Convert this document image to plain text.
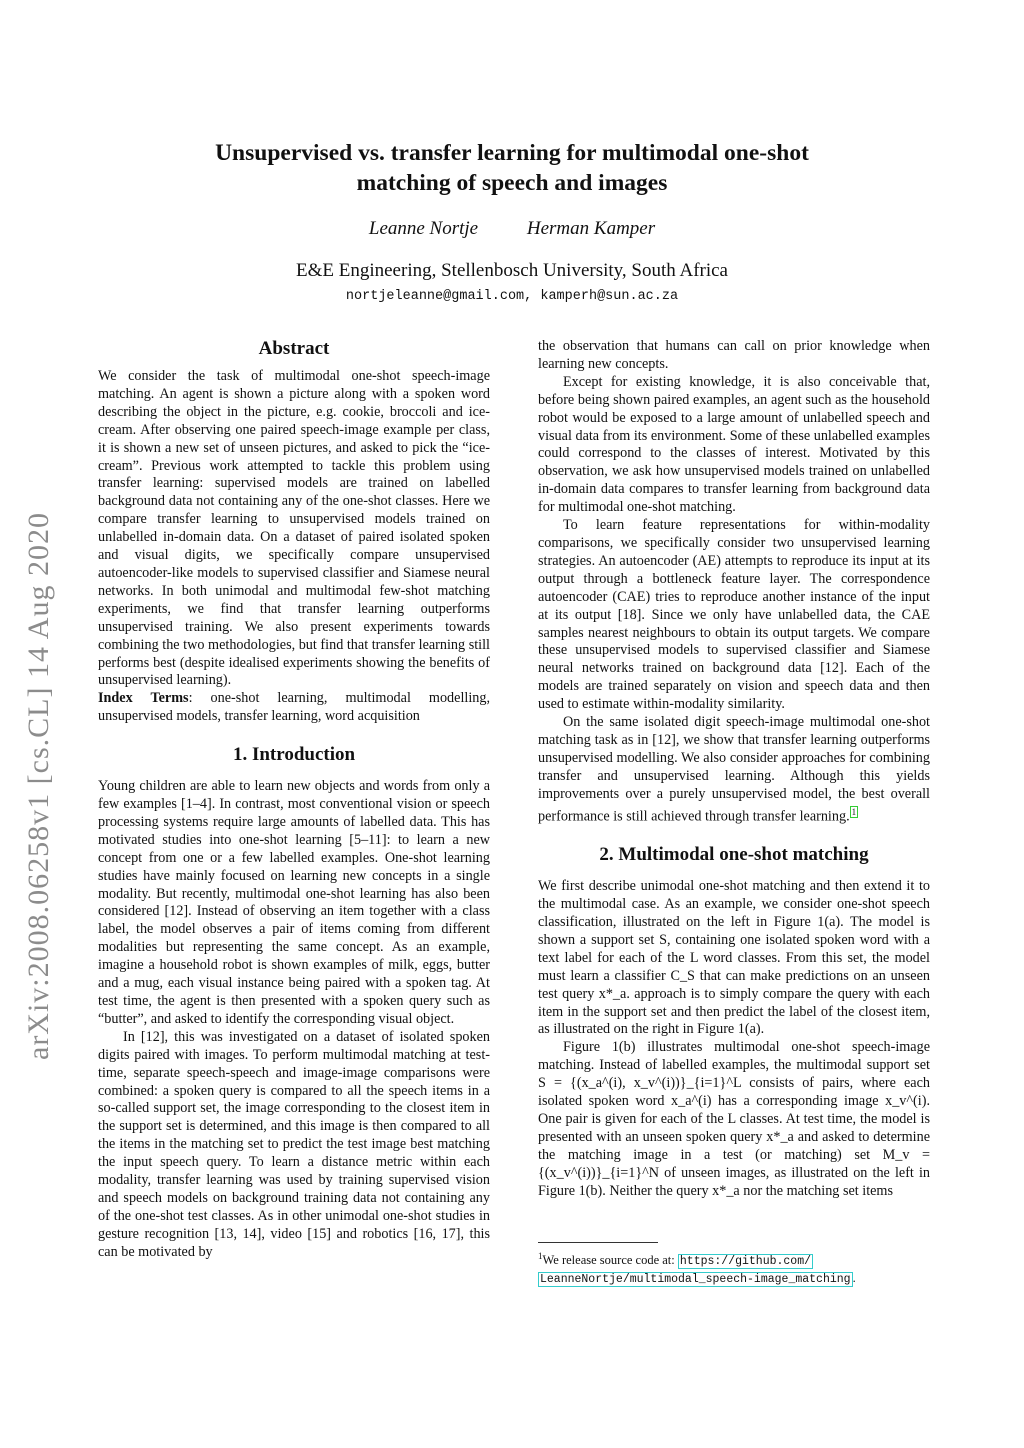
arXiv:2008.06258v1 [cs.CL] 14 Aug 2020
Unsupervised vs. transfer learning for multimodal one-shot
matching of speech and images
Leanne Nortje	Herman Kamper
E&E Engineering, Stellenbosch University, South Africa
nortjeleanne@gmail.com, kamperh@sun.ac.za
Abstract

We consider the task of multimodal one-shot speech-image matching. An agent is shown a picture along with a spoken word describing the object in the picture, e.g. cookie, broccoli and ice-cream. After observing one paired speech-image example per class, it is shown a new set of unseen pictures, and asked to pick the “ice-cream”. Previous work attempted to tackle this problem using transfer learning: supervised models are trained on labelled background data not containing any of the one-shot classes. Here we compare transfer learning to unsupervised models trained on unlabelled in-domain data. On a dataset of paired isolated spoken and visual digits, we specifically compare unsupervised autoencoder-like models to supervised classifier and Siamese neural networks. In both unimodal and multimodal few-shot matching experiments, we find that transfer learning outperforms unsupervised training. We also present experiments towards combining the two methodologies, but find that transfer learning still performs best (despite idealised experiments showing the benefits of unsupervised learning).

Index Terms: one-shot learning, multimodal modelling, unsupervised models, transfer learning, word acquisition

1. Introduction

Young children are able to learn new objects and words from only a few examples [1–4]. In contrast, most conventional vision or speech processing systems require large amounts of labelled data. This has motivated studies into one-shot learning [5–11]: to learn a new concept from one or a few labelled examples. One-shot learning studies have mainly focused on learning new concepts in a single modality. But recently, multimodal one-shot learning has also been considered [12]. Instead of observing an item together with a class label, the model observes a pair of items coming from different modalities but representing the same concept. As an example, imagine a household robot is shown examples of milk, eggs, butter and a mug, each visual instance being paired with a spoken tag. At test time, the agent is then presented with a spoken query such as “butter”, and asked to identify the corresponding visual object.

In [12], this was investigated on a dataset of isolated spoken digits paired with images. To perform multimodal matching at test-time, separate speech-speech and image-image comparisons were combined: a spoken query is compared to all the speech items in a so-called support set, the image corresponding to the closest item in the support set is determined, and this image is then compared to all the items in the matching set to predict the test image best matching the input speech query. To learn a distance metric within each modality, transfer learning was used by training supervised vision and speech models on background training data not containing any of the one-shot test classes. As in other unimodal one-shot studies in gesture recognition [13, 14], video [15] and robotics [16, 17], this can be motivated by

the observation that humans can call on prior knowledge when learning new concepts.

Except for existing knowledge, it is also conceivable that, before being shown paired examples, an agent such as the household robot would be exposed to a large amount of unlabelled speech and visual data from its environment. Some of these unlabelled examples could correspond to the classes of interest. Motivated by this observation, we ask how unsupervised models trained on unlabelled in-domain data compares to transfer learning from background data for multimodal one-shot matching.

To learn feature representations for within-modality comparisons, we specifically consider two unsupervised learning strategies. An autoencoder (AE) attempts to reproduce its input at its output through a bottleneck feature layer. The correspondence autoencoder (CAE) tries to reproduce another instance of the input at its output [18]. Since we only have unlabelled data, the CAE samples nearest neighbours to obtain its output targets. We compare these unsupervised models to supervised classifier and Siamese neural networks trained on background data [12]. Each of the models are trained separately on vision and speech data and then used to estimate within-modality similarity.

On the same isolated digit speech-image multimodal one-shot matching task as in [12], we show that transfer learning outperforms unsupervised modelling. We also consider approaches for combining transfer and unsupervised learning. Although this yields improvements over a purely unsupervised model, the best overall performance is still achieved through transfer learning. $^1$

2. Multimodal one-shot matching

We first describe unimodal one-shot matching and then extend it to the multimodal case. As an example, we consider one-shot speech classification, illustrated on the left in Figure 1(a). The model is shown a support set S, containing one isolated spoken word with a text label for each of the L word classes. From this set, the model must learn a classifier C_S that can make predictions on an unseen test query x*_a. approach is to simply compare the query with each item in the support set and then predict the label of the closest item, as illustrated on the right in Figure 1(a).

Figure 1(b) illustrates multimodal one-shot speech-image matching. Instead of labelled examples, the multimodal support set S = {(x_a^(i), x_v^(i))}_{i=1}^L consists of pairs, where each isolated spoken word x_a^(i) has a corresponding image x_v^(i). One pair is given for each of the L classes. At test time, the model is presented with an unseen spoken query x*_a and asked to determine the matching image in a test (or matching) set M_v = {(x_v^(i))}_{i=1}^N of unseen images, as illustrated on the left in Figure 1(b). Neither the query x*_a nor the matching set items

$^1$We release source code at: https://github.com/
LeanneNortje/multimodal_speech-image_matching .
